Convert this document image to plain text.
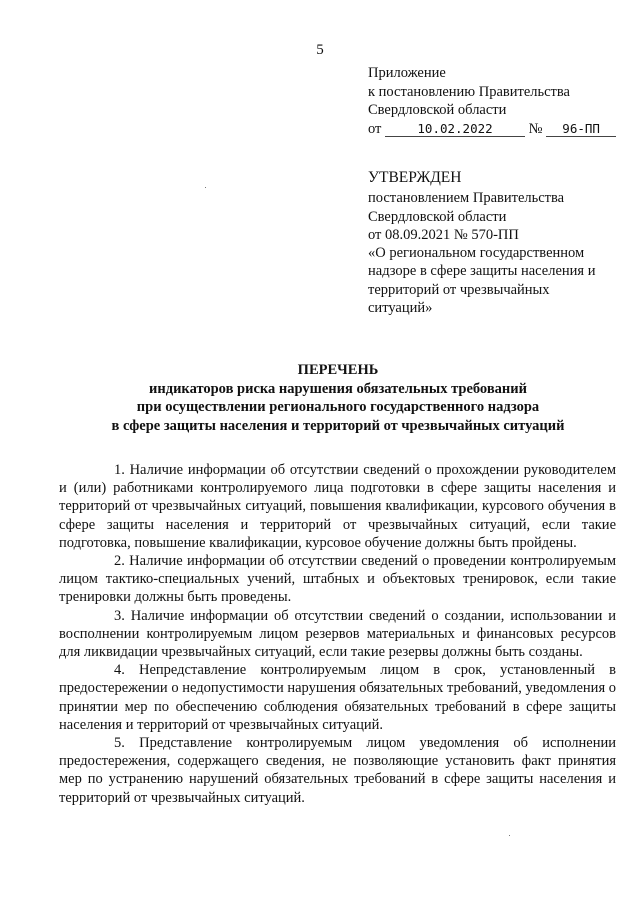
5
Приложение
к постановлению Правительства
Свердловской области
от	10.02.2022 № 96-ПП
УТВЕРЖДЕН
постановлением Правительства
Свердловской области
от 08.09.2021 № 570-ПП
«О региональном государственном
надзоре в сфере защиты населения и
территорий от чрезвычайных
ситуаций»
ПЕРЕЧЕНЬ
индикаторов риска нарушения обязательных требований
при осуществлении регионального государственного надзора
в сфере защиты населения и территорий от чрезвычайных ситуаций

1. Наличие информации об отсутствии сведений о прохождении руководителем и (или) работниками контролируемого лица подготовки в сфере защиты населения и территорий от чрезвычайных ситуаций, повышения квалификации, курсового обучения в сфере защиты населения и территорий от чрезвычайных ситуаций, если такие подготовка, повышение квалификации, курсовое обучение должны быть пройдены.

2. Наличие информации об отсутствии сведений о проведении контролируемым лицом тактико-специальных учений, штабных и объектовых тренировок, если такие тренировки должны быть проведены.

3. Наличие информации об отсутствии сведений о создании, использовании и восполнении контролируемым лицом резервов материальных и финансовых ресурсов для ликвидации чрезвычайных ситуаций, если такие резервы должны быть созданы.

4. Непредставление контролируемым лицом в срок, установленный в предостережении о недопустимости нарушения обязательных требований, уведомления о принятии мер по обеспечению соблюдения обязательных требований в сфере защиты населения и территорий от чрезвычайных ситуаций.

5. Представление контролируемым лицом уведомления об исполнении предостережения, содержащего сведения, не позволяющие установить факт принятия мер по устранению нарушений обязательных требований в сфере защиты населения и территорий от чрезвычайных ситуаций.
